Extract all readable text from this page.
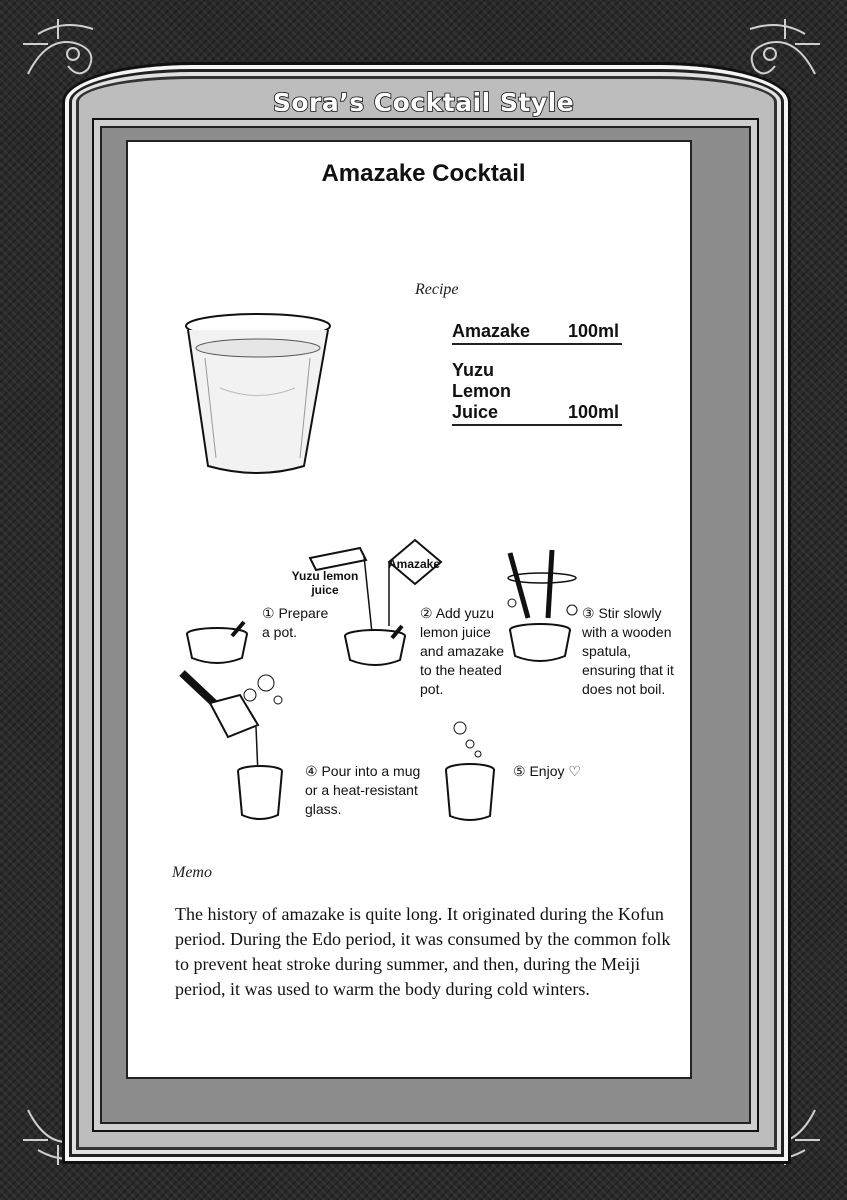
Sora’s Cocktail Style
Amazake Cocktail
Recipe
Amazake 100ml
Yuzu
Lemon
Juice	100ml
① Prepare
a pot.
Yuzu lemon
juice
Amazake
② Add yuzu
lemon juice
and amazake
to the heated
pot.
③ Stir slowly
with a wooden
spatula,
ensuring that it
does not boil.
④ Pour into a mug
or a heat-resistant
glass.
⑤ Enjoy ♡
Memo
The history of amazake is quite long. It originated during the Kofun period. During the Edo period, it was consumed by the common folk to prevent heat stroke during summer, and then, during the Meiji period, it was used to warm the body during cold winters.
